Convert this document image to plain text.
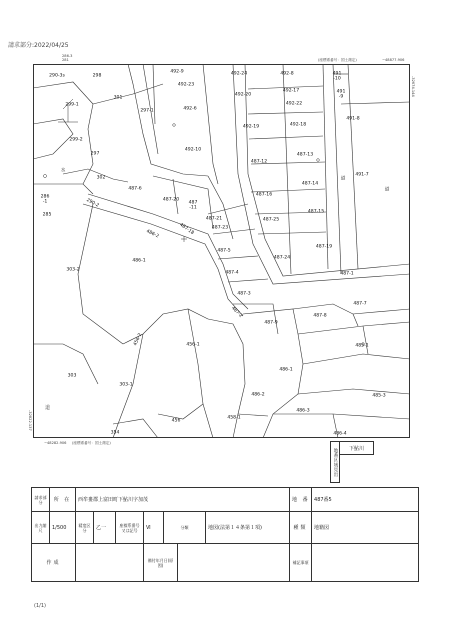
請求部分:2022/04/25
286-3
281	(座標系番号：国土測定)	−48877.906
-32674.144
−48282.906 (座標系番号：国土測定)
-32822.137
道
290-3s	298
301
299-1
299-2
297
水
302
286
-1
285
290-2
297-1
492-9
492-23
492-6
492-10
492-24
492-20
492-19
492-8
492-17
492-22
492-18
491
-10
491
-9
491-8
487-12
487-13
487-16
487-14
487-15
487-25
487-19
487-24
491-7
道
道
487-6
487-20
487
-11
487-21
487-23
487-5
487-4
487-3
487-9
487-8
487-7
487-1
486-2	487-18
487-2
485-1
486-1
303-2
456-1
456-2
303
303-1
354
456
458-1
486-1
486-2
486-3
485-3
486-4
地番区域見出	下鮎川
請求部分	所 在	西牟婁郡上富田町下鮎川字加茂							地 番	487番5
出力縮尺	1/500	精度区分	乙一	座標系番号又は記号	Ⅵ	分類		地図(法第１４条第１項)	種類	地籍図
作成					備付年月日(原図)				補記事項	
(1/1)
